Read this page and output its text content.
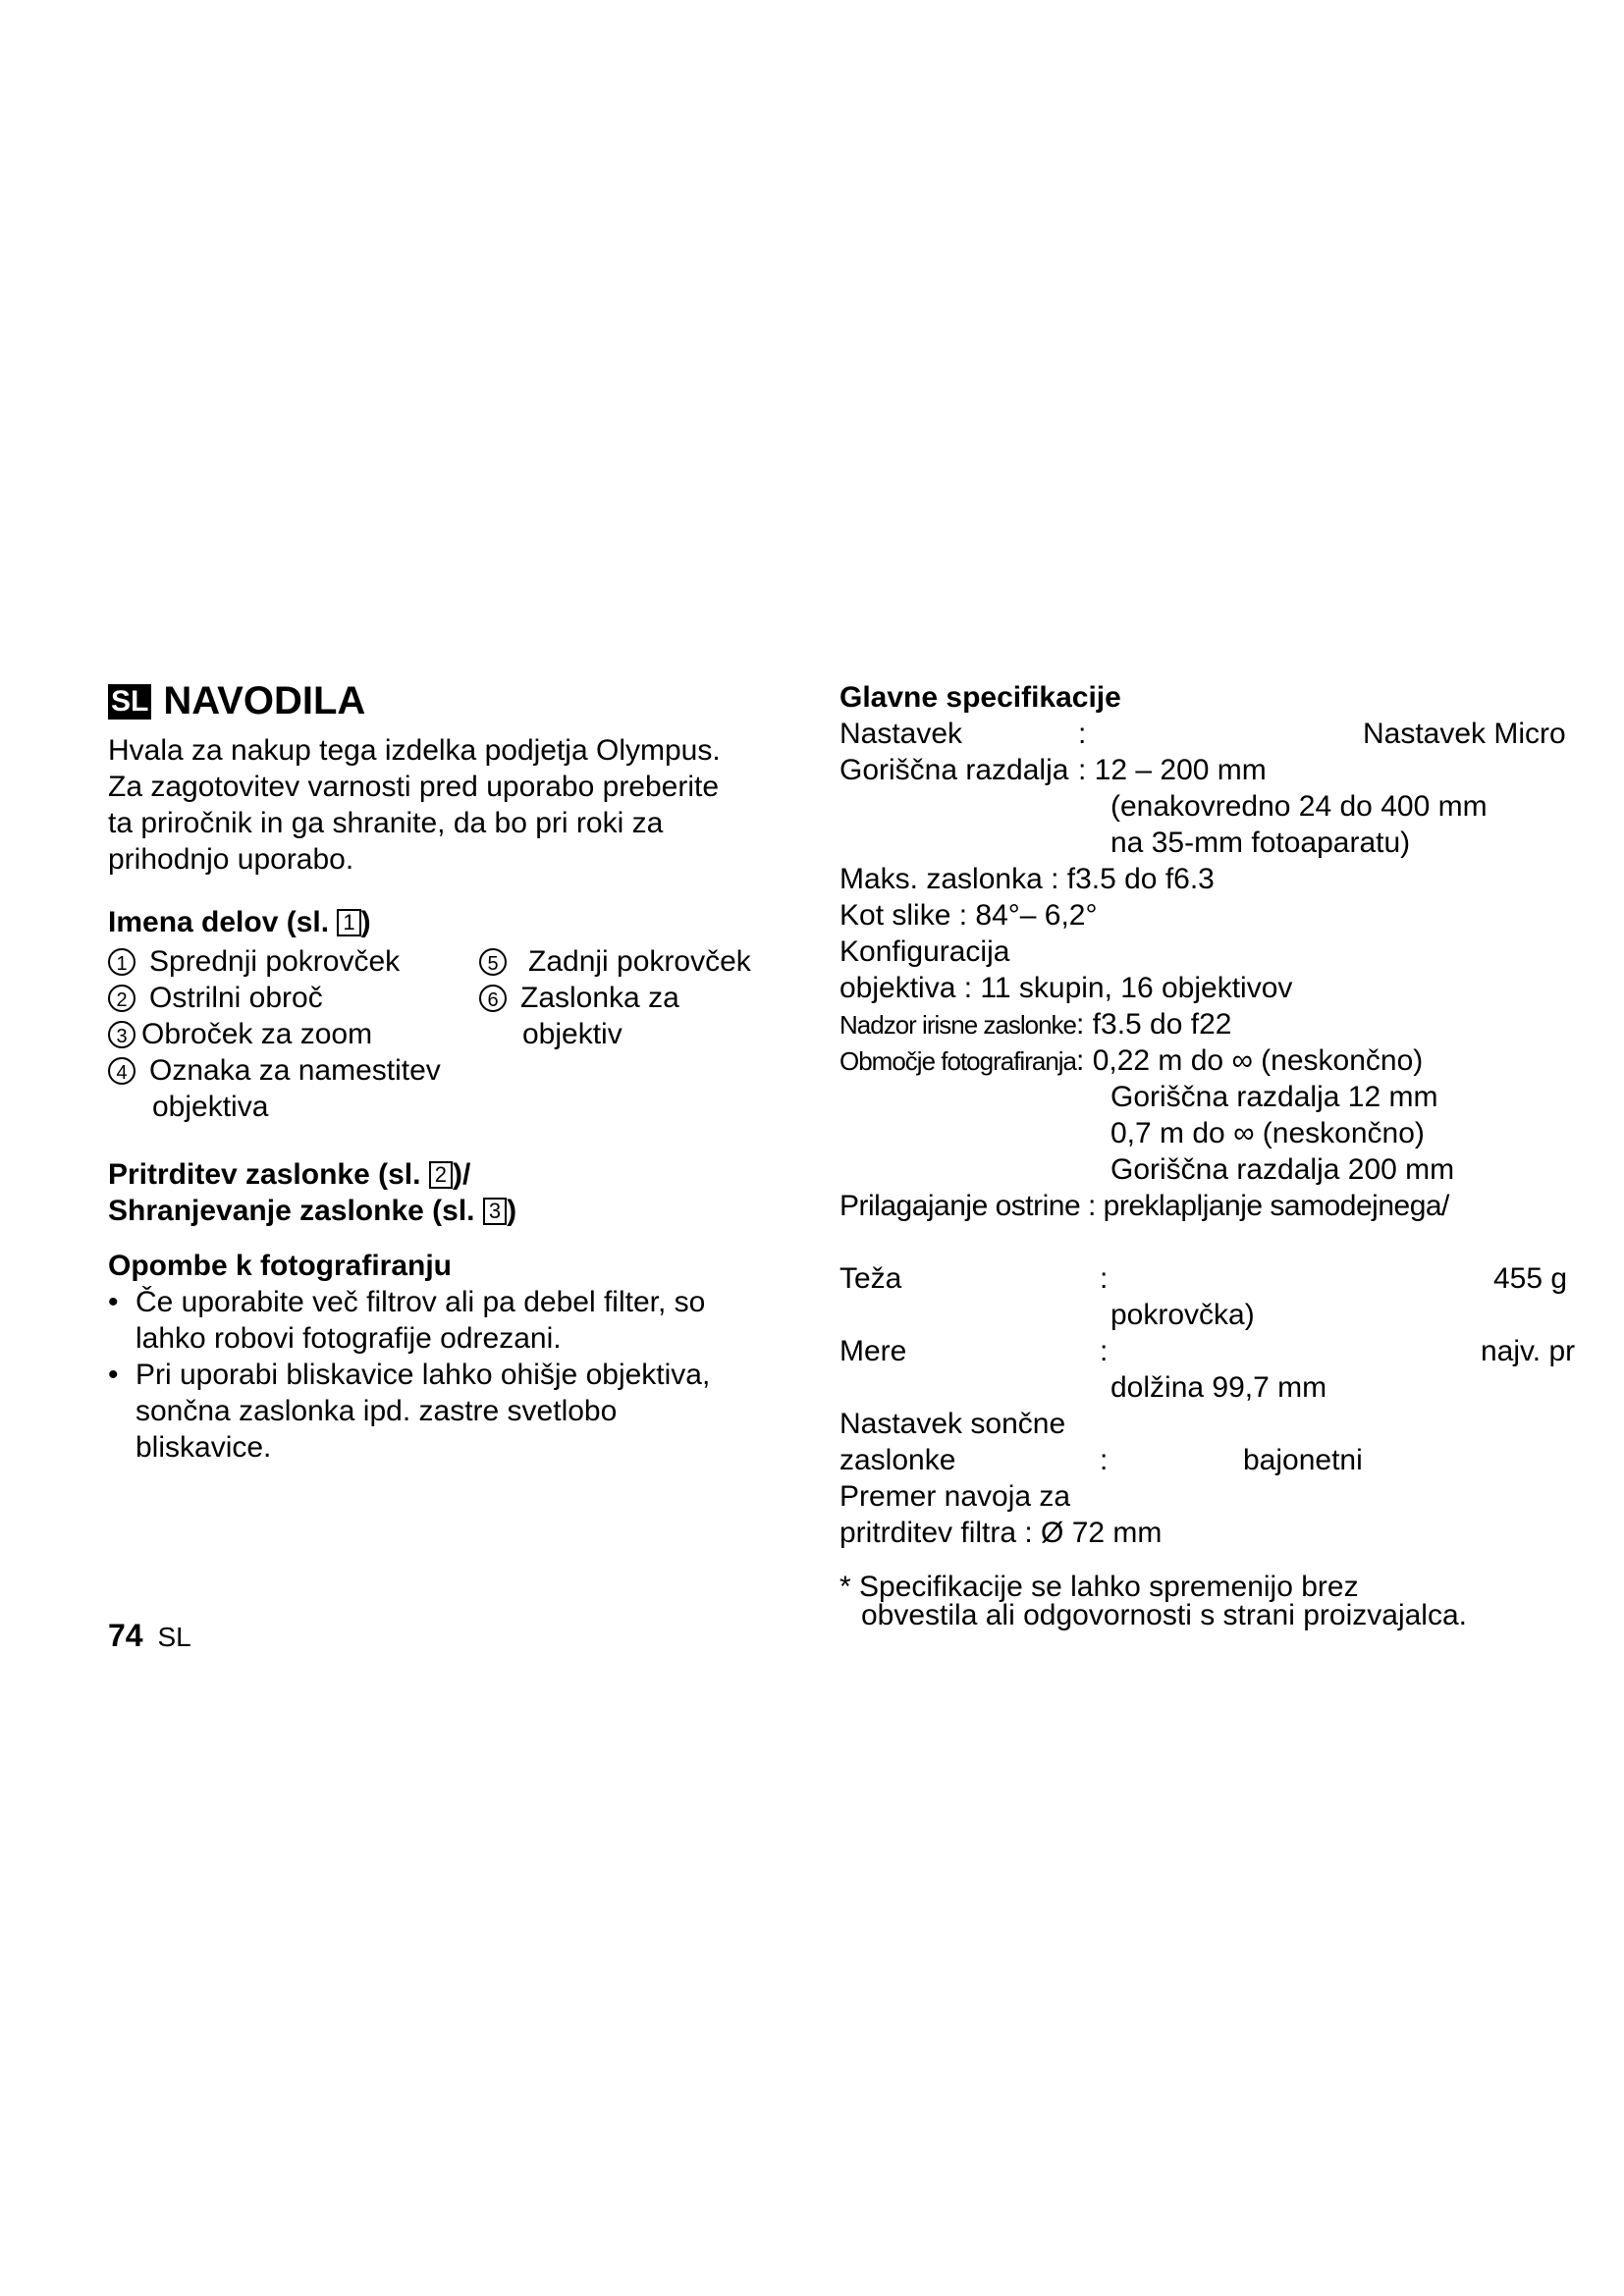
SL NAVODILA
Hvala za nakup tega izdelka podjetja Olympus.
Za zagotovitev varnosti pred uporabo preberite
ta priročnik in ga shranite, da bo pri roki za
prihodnjo uporabo.
Imena delov (sl. 1 )
1 Sprednji pokrovček
2 Ostrilni obroč
3 Obroček za zoom
4 Oznaka za namestitev
objektiva
5 Zadnji pokrovček
6 Zaslonka za
objektiv
Pritrditev zaslonke (sl. 2 )/
Shranjevanje zaslonke (sl. 3 )
Opombe k fotografiranju
• Če uporabite več filtrov ali pa debel filter, so
lahko robovi fotografije odrezani.
• Pri uporabi bliskavice lahko ohišje objektiva,
sončna zaslonka ipd. zastre svetlobo
bliskavice.
74 SL
Glavne specifikacije
Nastavek	:	Nastavek Micro
Goriščna razdalja : 12 – 200 mm
(enakovredno 24 do 400 mm
na 35-mm fotoaparatu)
Maks. zaslonka : f3.5 do f6.3
Kot slike : 84°– 6,2°
Konfiguracija
objektiva : 11 skupin, 16 objektivov
Nadzor irisne zaslonke: f3.5 do f22
Območje fotografiranja: 0,22 m do ∞ (neskončno)
Goriščna razdalja 12 mm
0,7 m do ∞ (neskončno)
Goriščna razdalja 200 mm
Prilagajanje ostrine : preklapljanje samodejnega/
Teža	:	455 g
pokrovčka)
Mere	:	najv. pr
dolžina 99,7 mm
Nastavek sončne
zaslonke	:	bajonetni
Premer navoja za
pritrditev filtra : Ø 72 mm
* Specifikacije se lahko spremenijo brez
obvestila ali odgovornosti s strani proizvajalca.
